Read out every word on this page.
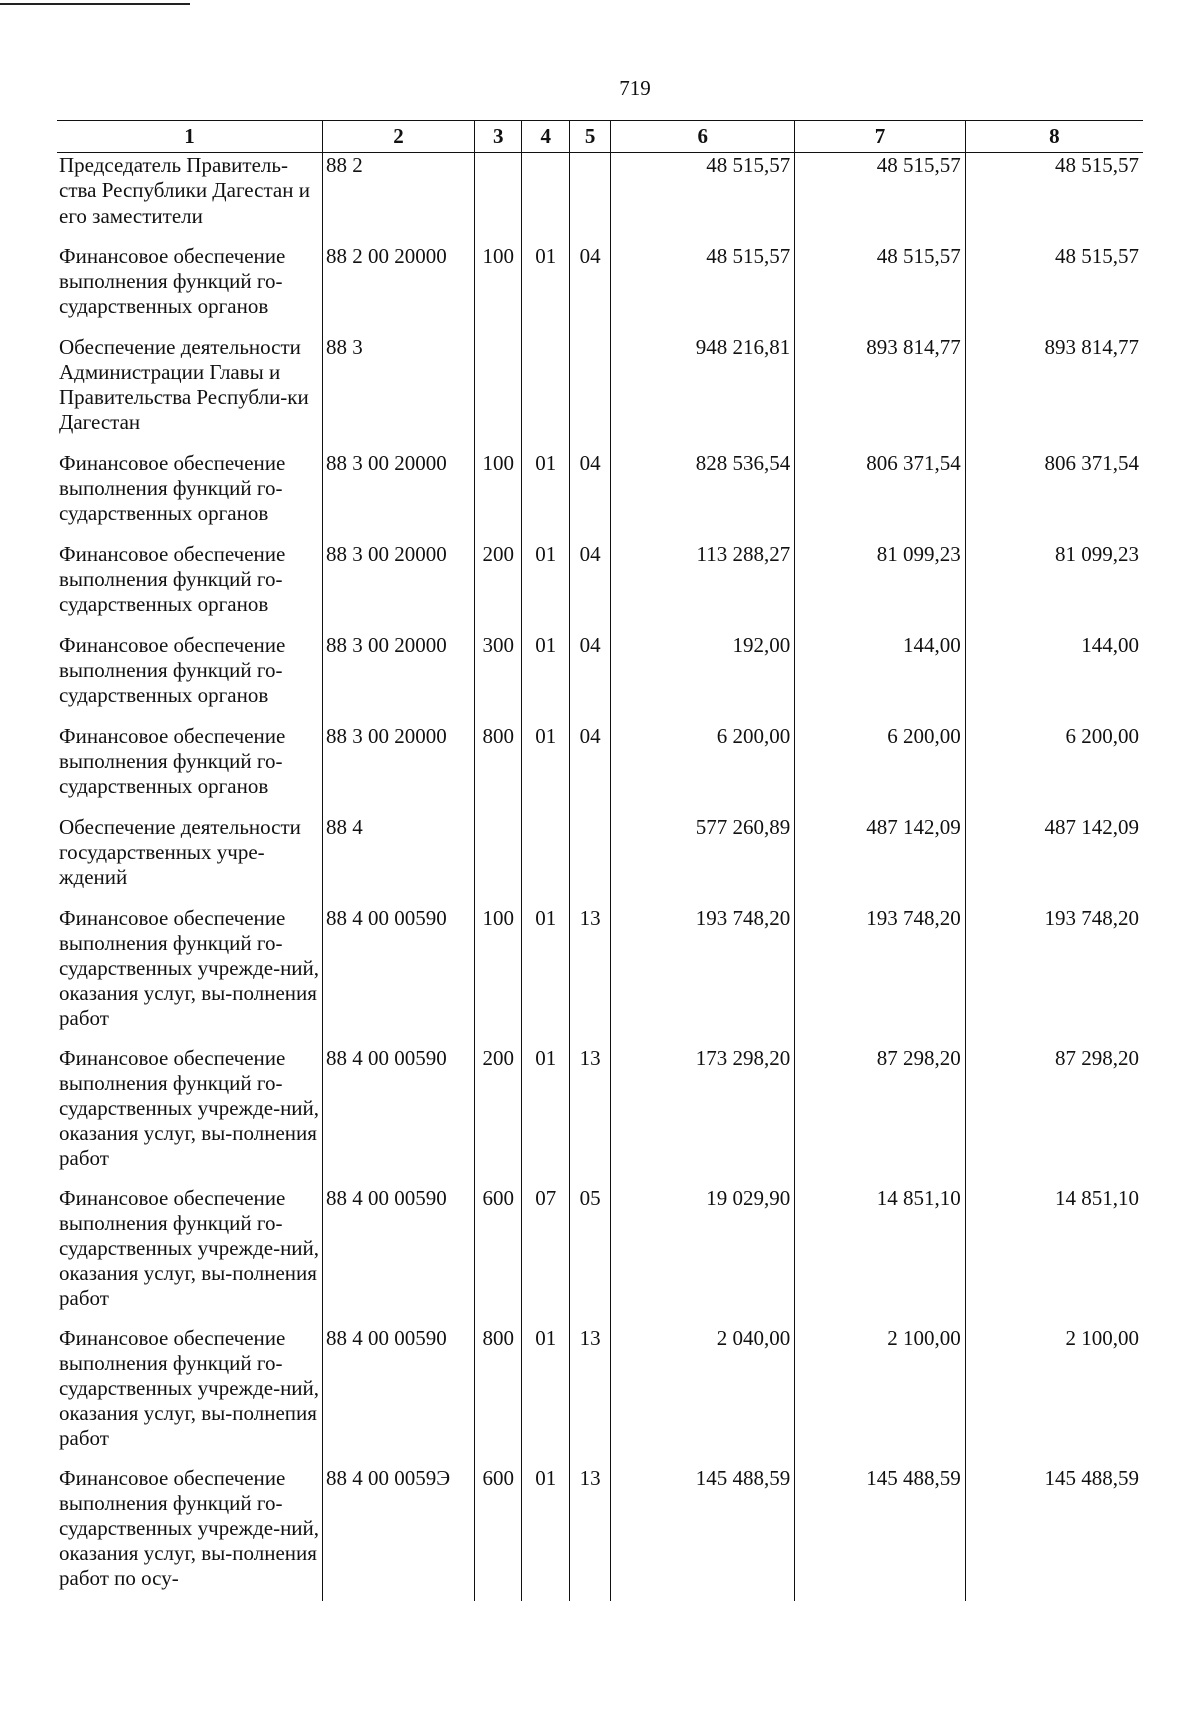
719
1	2	3	4	5	6	7	8
Председатель Правитель-ства Республики Дагестан и его заместители	88 2				48 515,57	48 515,57	48 515,57
Финансовое обеспечение выполнения функций го-сударственных органов	88 2 00 20000	100	01	04	48 515,57	48 515,57	48 515,57
Обеспечение деятельности Администрации Главы и Правительства Республи-ки Дагестан	88 3				948 216,81	893 814,77	893 814,77
Финансовое обеспечение выполнения функций го-сударственных органов	88 3 00 20000	100	01	04	828 536,54	806 371,54	806 371,54
Финансовое обеспечение выполнения функций го-сударственных органов	88 3 00 20000	200	01	04	113 288,27	81 099,23	81 099,23
Финансовое обеспечение выполнения функций го-сударственных органов	88 3 00 20000	300	01	04	192,00	144,00	144,00
Финансовое обеспечение выполнения функций го-сударственных органов	88 3 00 20000	800	01	04	6 200,00	6 200,00	6 200,00
Обеспечение деятельности государственных учре-ждений	88 4				577 260,89	487 142,09	487 142,09
Финансовое обеспечение выполнения функций го-сударственных учрежде-ний, оказания услуг, вы-полнения работ	88 4 00 00590	100	01	13	193 748,20	193 748,20	193 748,20
Финансовое обеспечение выполнения функций го-сударственных учрежде-ний, оказания услуг, вы-полнения работ	88 4 00 00590	200	01	13	173 298,20	87 298,20	87 298,20
Финансовое обеспечение выполнения функций го-сударственных учрежде-ний, оказания услуг, вы-полнения работ	88 4 00 00590	600	07	05	19 029,90	14 851,10	14 851,10
Финансовое обеспечение выполнения функций го-сударственных учрежде-ний, оказания услуг, вы-полнепия работ	88 4 00 00590	800	01	13	2 040,00	2 100,00	2 100,00
Финансовое обеспечение выполнения функций го-сударственных учрежде-ний, оказания услуг, вы-полнения работ по осу-	88 4 00 0059Э	600	01	13	145 488,59	145 488,59	145 488,59
